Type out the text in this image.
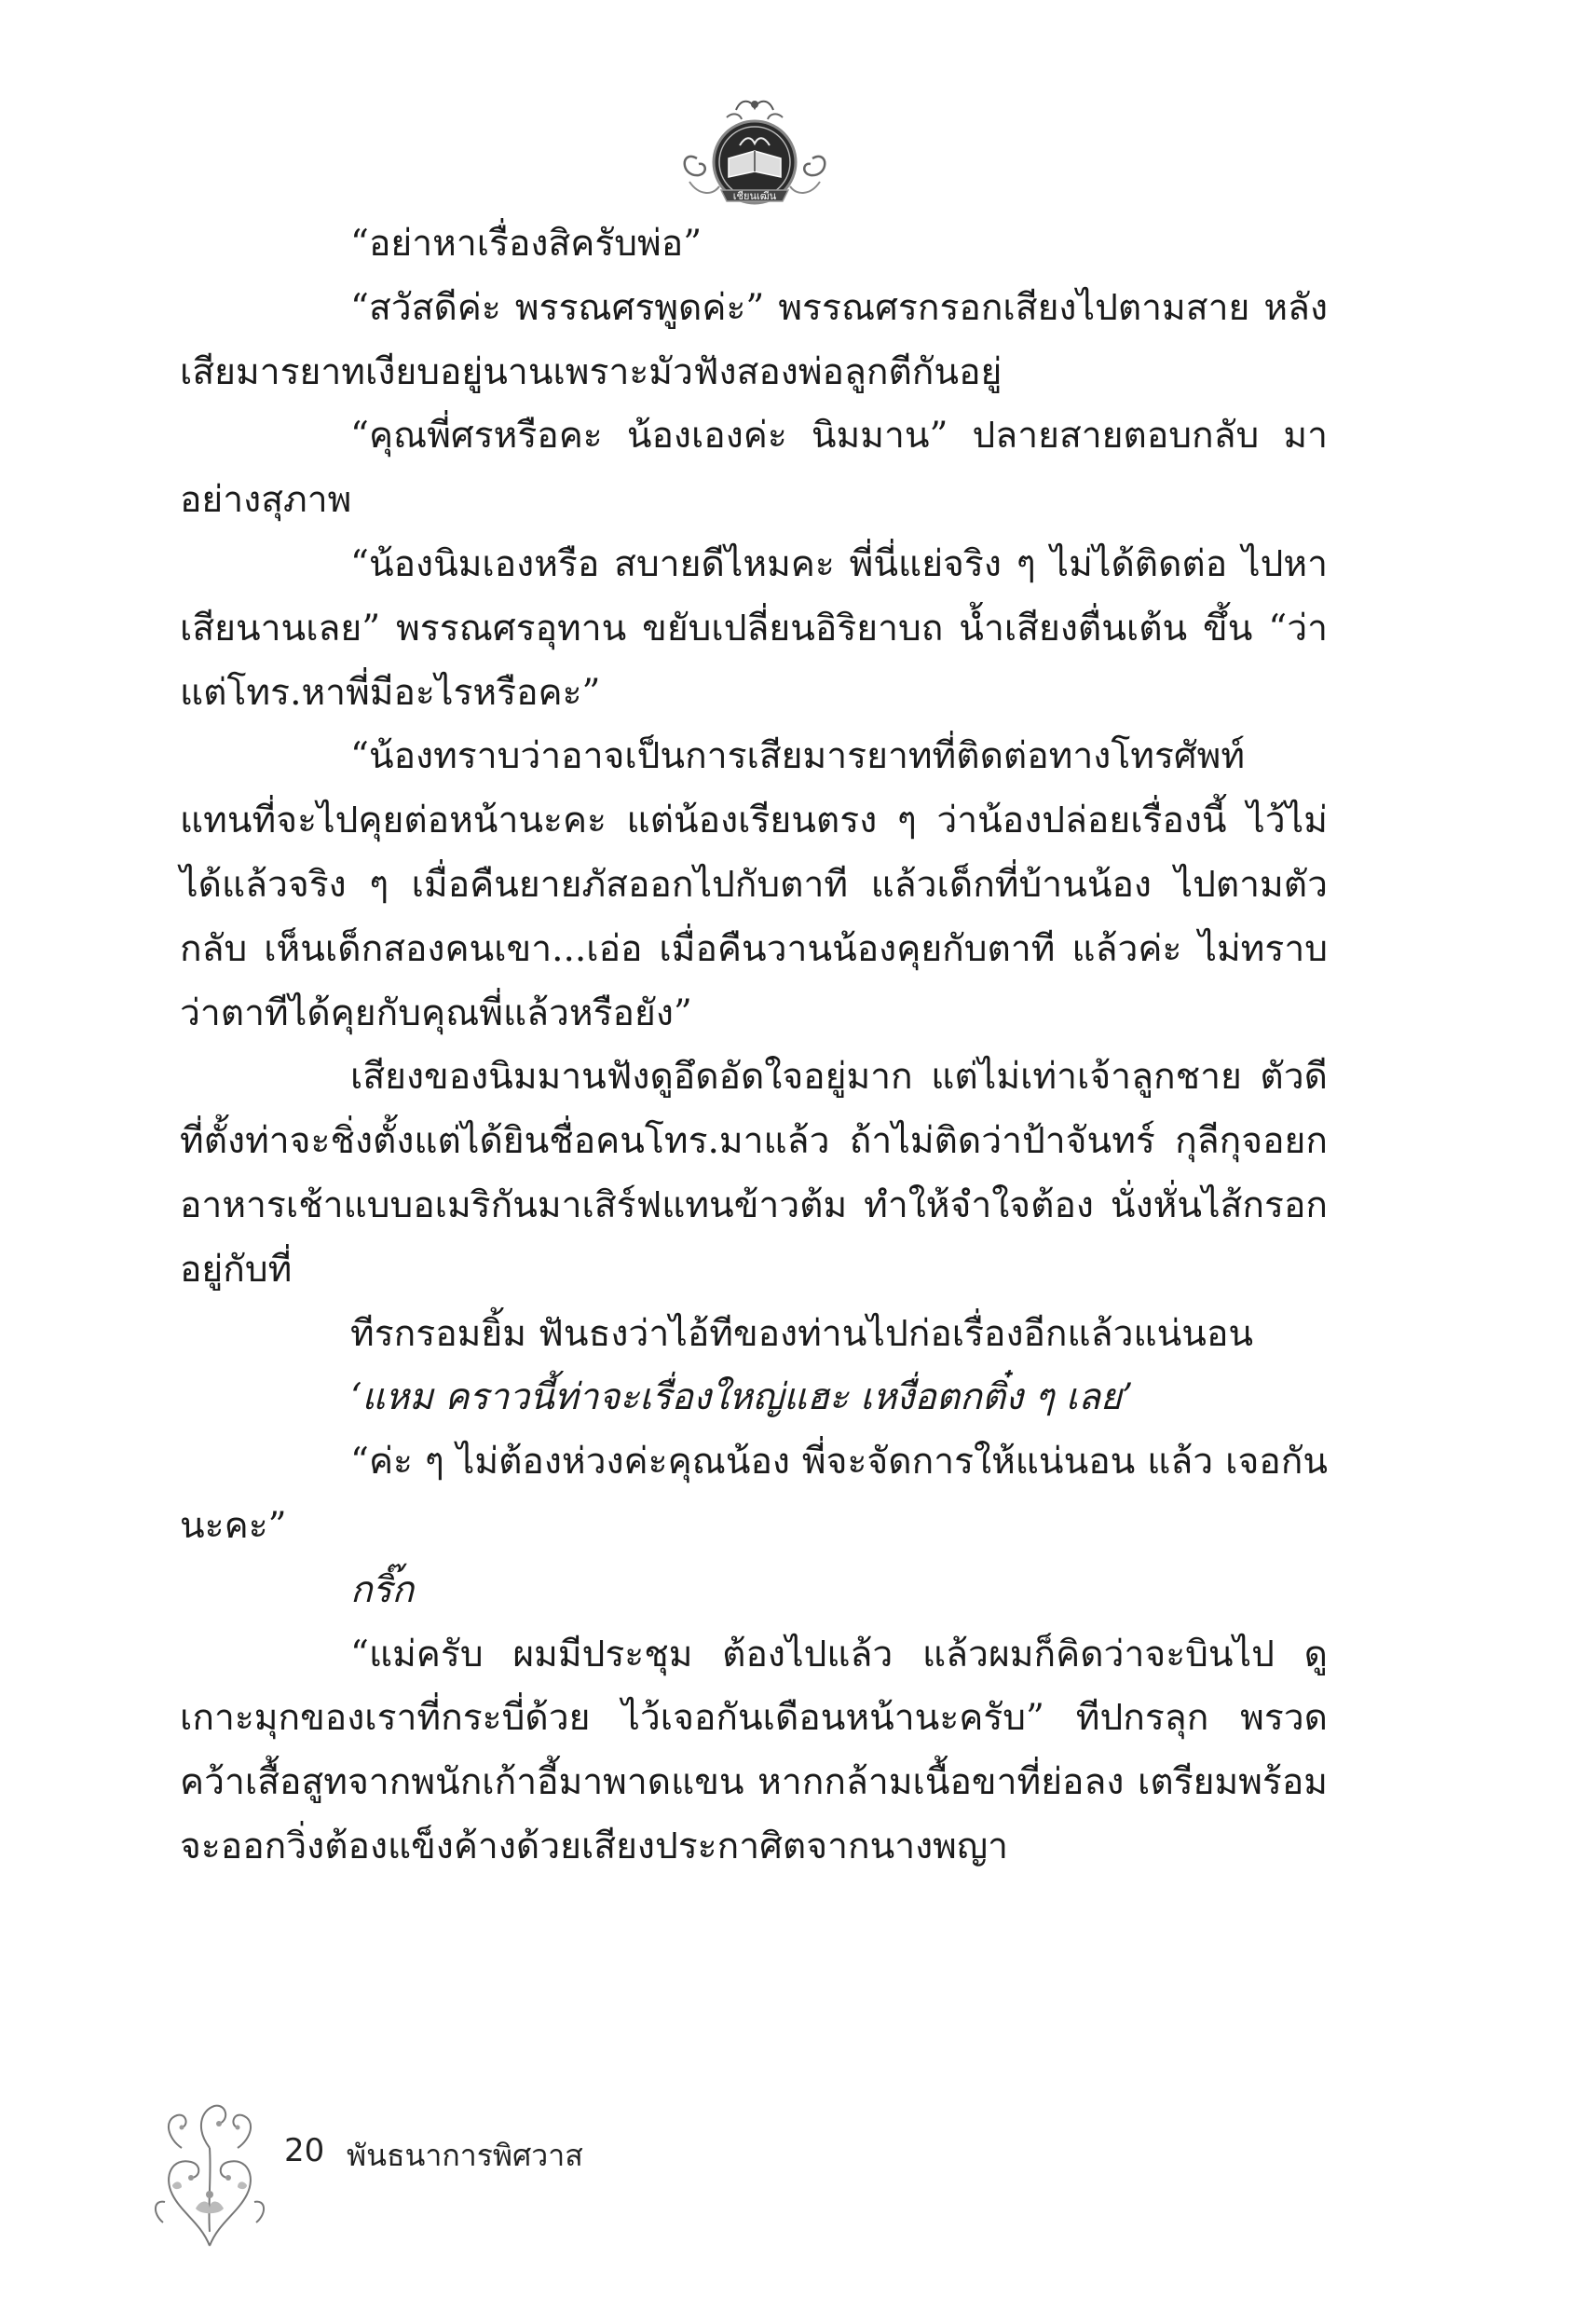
เชียนเฒีน

“อย่าหาเรื่องสิครับพ่อ”

“สวัสดีค่ะ พรรณศรพูดค่ะ” พรรณศรกรอกเสียงไปตามสาย หลังเสียมารยาทเงียบอยู่นานเพราะมัวฟังสองพ่อลูกตีกันอยู่

“คุณพี่ศรหรือคะ น้องเองค่ะ นิมมาน” ปลายสายตอบกลับ มาอย่างสุภาพ

“น้องนิมเองหรือ สบายดีไหมคะ พี่นี่แย่จริง ๆ ไม่ได้ติดต่อ ไปหาเสียนานเลย” พรรณศรอุทาน ขยับเปลี่ยนอิริยาบถ น้ำเสียงตื่นเต้น ขึ้น “ว่าแต่โทร.หาพี่มีอะไรหรือคะ”

“น้องทราบว่าอาจเป็นการเสียมารยาทที่ติดต่อทางโทรศัพท์ แทนที่จะไปคุยต่อหน้านะคะ แต่น้องเรียนตรง ๆ ว่าน้องปล่อยเรื่องนี้ ไว้ไม่ได้แล้วจริง ๆ เมื่อคืนยายภัสออกไปกับตาที แล้วเด็กที่บ้านน้อง ไปตามตัวกลับ เห็นเด็กสองคนเขา...เอ่อ เมื่อคืนวานน้องคุยกับตาที แล้วค่ะ ไม่ทราบว่าตาทีได้คุยกับคุณพี่แล้วหรือยัง”

เสียงของนิมมานฟังดูอึดอัดใจอยู่มาก แต่ไม่เท่าเจ้าลูกชาย ตัวดีที่ตั้งท่าจะชิ่งตั้งแต่ได้ยินชื่อคนโทร.มาแล้ว ถ้าไม่ติดว่าป้าจันทร์ กุลีกุจอยกอาหารเช้าแบบอเมริกันมาเสิร์ฟแทนข้าวต้ม ทำให้จำใจต้อง นั่งหั่นไส้กรอกอยู่กับที่

ทีรกรอมยิ้ม ฟันธงว่าไอ้ทีของท่านไปก่อเรื่องอีกแล้วแน่นอน

‘แหม คราวนี้ท่าจะเรื่องใหญ่แฮะ เหงื่อตกติ๋ง ๆ เลย’

“ค่ะ ๆ ไม่ต้องห่วงค่ะคุณน้อง พี่จะจัดการให้แน่นอน แล้ว เจอกันนะคะ”

กริ๊ก

“แม่ครับ ผมมีประชุม ต้องไปแล้ว แล้วผมก็คิดว่าจะบินไป ดูเกาะมุกของเราที่กระบี่ด้วย ไว้เจอกันเดือนหน้านะครับ” ทีปกรลุก พรวด คว้าเสื้อสูทจากพนักเก้าอี้มาพาดแขน หากกล้ามเนื้อขาที่ย่อลง เตรียมพร้อมจะออกวิ่งต้องแข็งค้างด้วยเสียงประกาศิตจากนางพญา

20 พันธนาการพิศวาส
